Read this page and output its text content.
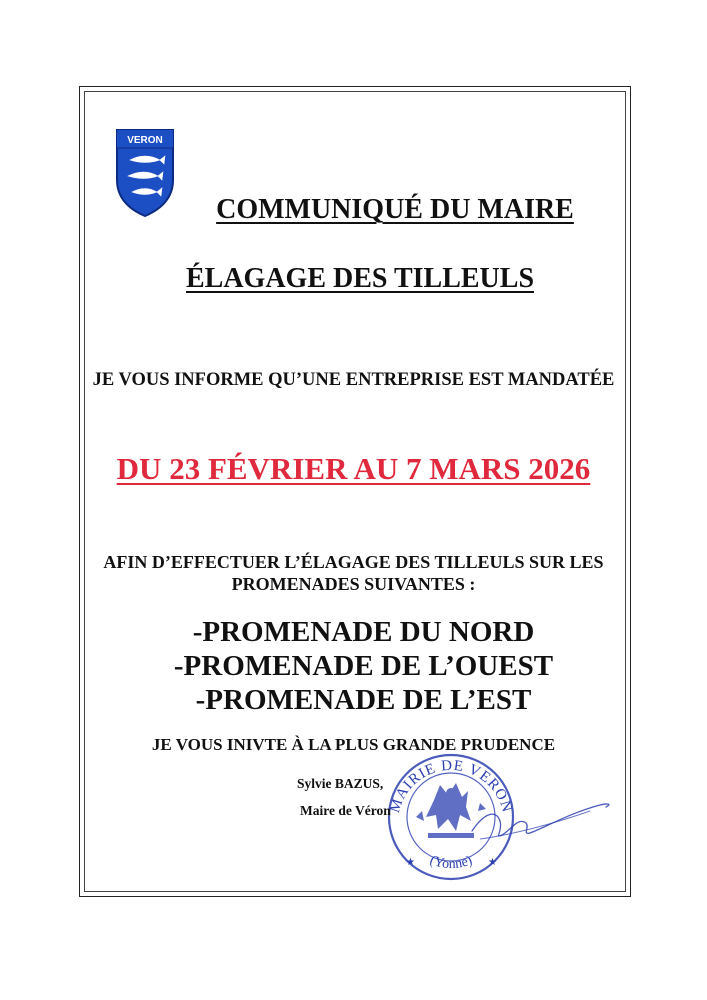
VERON
COMMUNIQUÉ DU MAIRE
ÉLAGAGE DES TILLEULS
JE VOUS INFORME QU’UNE ENTREPRISE EST MANDATÉE
DU 23 FÉVRIER AU 7 MARS 2026
AFIN D’EFFECTUER L’ÉLAGAGE DES TILLEULS SUR LES
PROMENADES SUIVANTES :
-PROMENADE DU NORD
-PROMENADE DE L’OUEST
-PROMENADE DE L’EST
JE VOUS INIVTE À LA PLUS GRANDE PRUDENCE
MAIRIE DE VERON
(Yonne)
★	★
Sylvie BAZUS,
Maire de Véron
